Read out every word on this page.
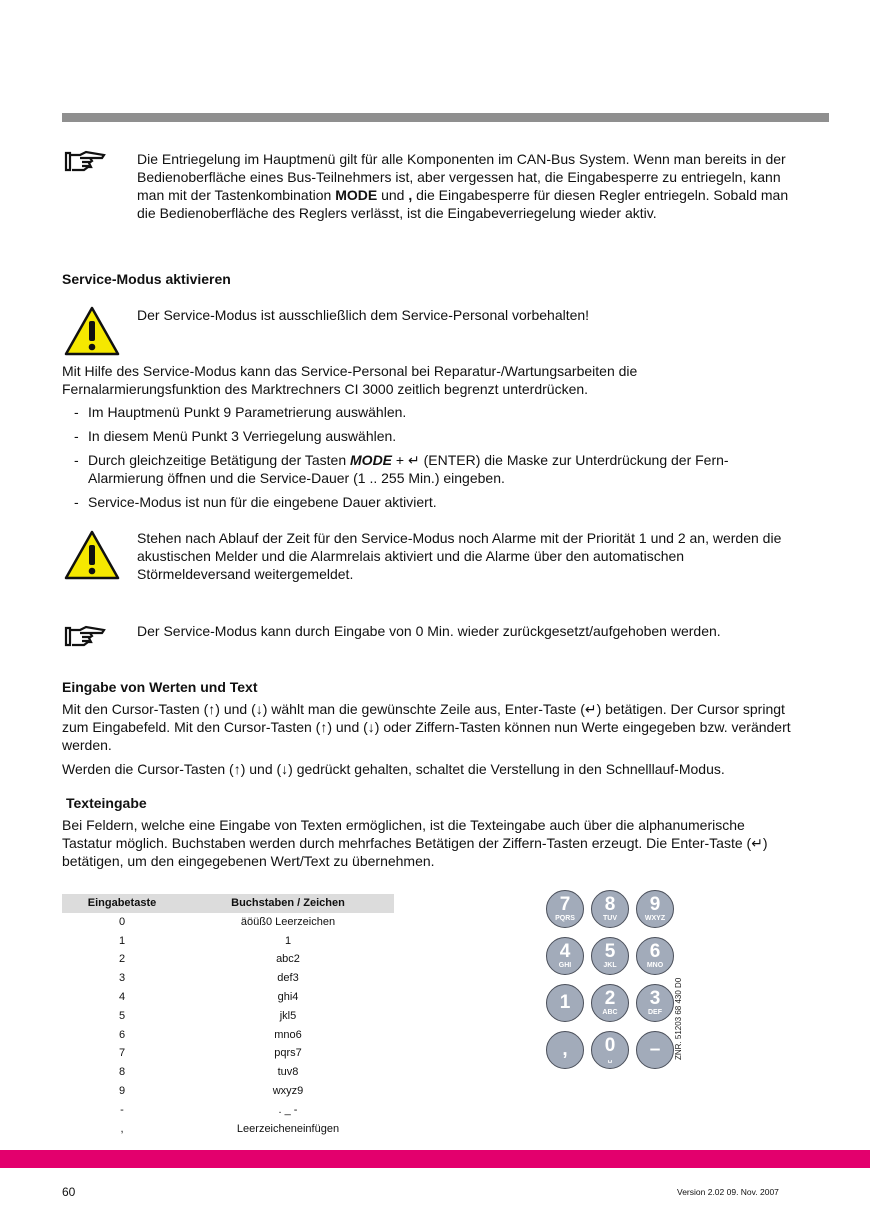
Die Entriegelung im Hauptmenü gilt für alle Komponenten im CAN-Bus System. Wenn man bereits in der Bedienoberfläche eines Bus-Teilnehmers ist, aber vergessen hat, die Eingabesperre zu entriegeln, kann man mit der Tastenkombination MODE und , die Eingabesperre für diesen Regler entriegeln. Sobald man die Bedienoberfläche des Reglers verlässt, ist die Eingabeverriegelung wieder aktiv.

Service-Modus aktivieren

Der Service-Modus ist ausschließlich dem Service-Personal vorbehalten!

Mit Hilfe des Service-Modus kann das Service-Personal bei Reparatur-/Wartungsarbeiten die Fernalarmierungsfunktion des Marktrechners CI 3000 zeitlich begrenzt unterdrücken.

- Im Hauptmenü Punkt 9 Parametrierung auswählen.
- In diesem Menü Punkt 3 Verriegelung auswählen.
- Durch gleichzeitige Betätigung der Tasten MODE + ↵ (ENTER) die Maske zur Unterdrückung der Fern-Alarmierung öffnen und die Service-Dauer (1 .. 255 Min.) eingeben.
- Service-Modus ist nun für die eingebene Dauer aktiviert.

Stehen nach Ablauf der Zeit für den Service-Modus noch Alarme mit der Priorität 1 und 2 an, werden die akustischen Melder und die Alarmrelais aktiviert und die Alarme über den automatischen Störmeldeversand weitergemeldet.

Der Service-Modus kann durch Eingabe von 0 Min. wieder zurückgesetzt/aufgehoben werden.

Eingabe von Werten und Text

Mit den Cursor-Tasten (↑) und (↓) wählt man die gewünschte Zeile aus, Enter-Taste (↵) betätigen. Der Cursor springt zum Eingabefeld. Mit den Cursor-Tasten (↑) und (↓) oder Ziffern-Tasten können nun Werte eingegeben bzw. verändert werden.

Werden die Cursor-Tasten (↑) und (↓) gedrückt gehalten, schaltet die Verstellung in den Schnelllauf-Modus.

Texteingabe

Bei Feldern, welche eine Eingabe von Texten ermöglichen, ist die Texteingabe auch über die alphanumerische Tastatur möglich. Buchstaben werden durch mehrfaches Betätigen der Ziffern-Tasten erzeugt. Die Enter-Taste (↵) betätigen, um den eingegebenen Wert/Text zu übernehmen.

Eingabetaste	Buchstaben / Zeichen
0	äöüß0 Leerzeichen
1	1
2	abc2
3	def3
4	ghi4
5	jkl5
6	mno6
7	pqrs7
8	tuv8
9	wxyz9
-	. _ -
,	Leerzeicheneinfügen
7
PQRS
8
TUV
9
WXYZ
4
GHI
5
JKL
6
MNO
1	2
ABC
3
DEF
,	0
␣	–	ZNR. 51203 68 430 D0
60	Version 2.02 09. Nov. 2007
